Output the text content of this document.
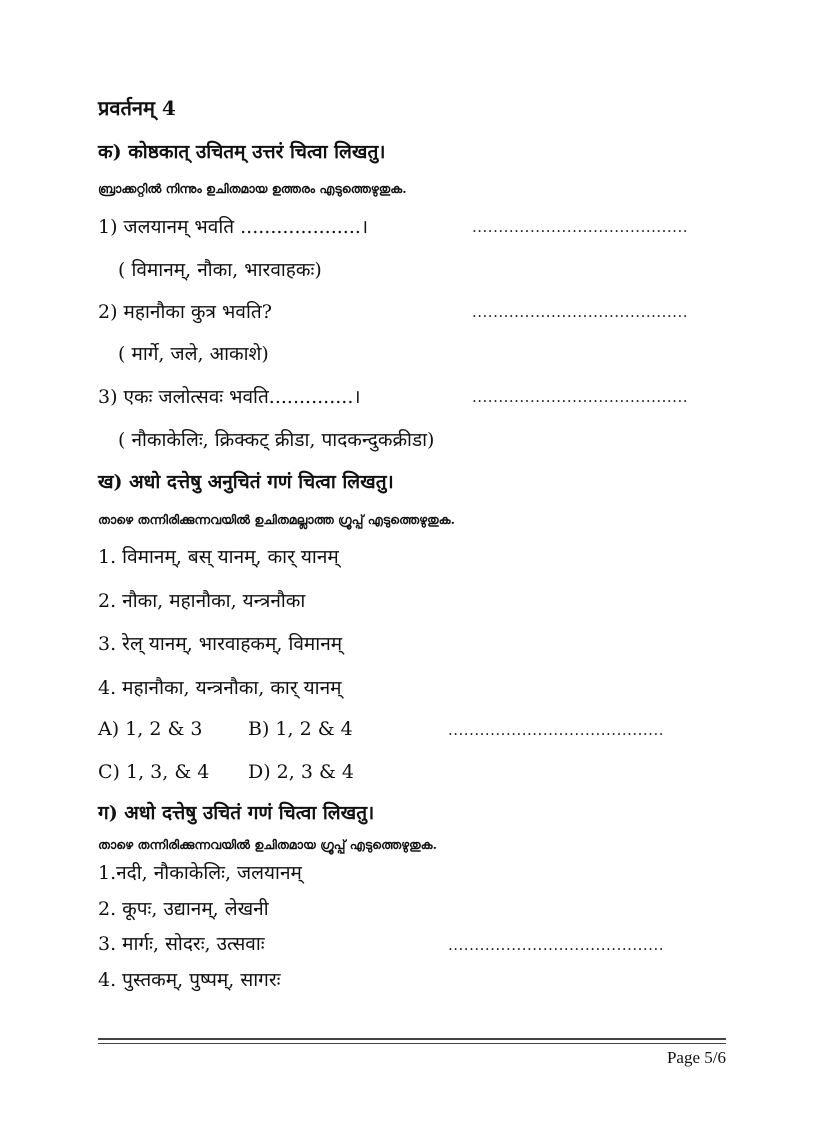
प्रवर्तनम् 4
क) कोष्ठकात् उचितम् उत्तरं चित्वा लिखतु।
ബ്രാക്കറ്റിൽ നിന്നും ഉചിതമായ ഉത്തരം എടുത്തെഴുതുക.
1) जलयानम् भवति ....................।	.........................................
( विमानम्, नौका, भारवाहकः)
2) महानौका कुत्र भवति?	.........................................
( मार्गे, जले, आकाशे)
3) एकः जलोत्सवः भवति..............।	.........................................
( नौकाकेलिः, क्रिक्कट् क्रीडा, पादकन्दुकक्रीडा)
ख) अधो दत्तेषु अनुचितं गणं चित्वा लिखतु।
താഴെ തന്നിരിക്കുന്നവയിൽ ഉചിതമല്ലാത്ത ഗ്രൂപ്പ് എടുത്തെഴുതുക.
1. विमानम्, बस् यानम्, कार् यानम्
2. नौका, महानौका, यन्त्रनौका
3. रेल् यानम्, भारवाहकम्, विमानम्
4. महानौका, यन्त्रनौका, कार् यानम्
A) 1, 2 & 3 B) 1, 2 & 4	.........................................
C) 1, 3, & 4 D) 2, 3 & 4
ग) अधो दत्तेषु उचितं गणं चित्वा लिखतु।
താഴെ തന്നിരിക്കുന്നവയിൽ ഉചിതമായ ഗ്രൂപ്പ് എടുത്തെഴുതുക.
1.नदी, नौकाकेलिः, जलयानम्
2. कूपः, उद्यानम्, लेखनी
3. मार्गः, सोदरः, उत्सवाः	.........................................
4. पुस्तकम्, पुष्पम्, सागरः
Page 5/6
